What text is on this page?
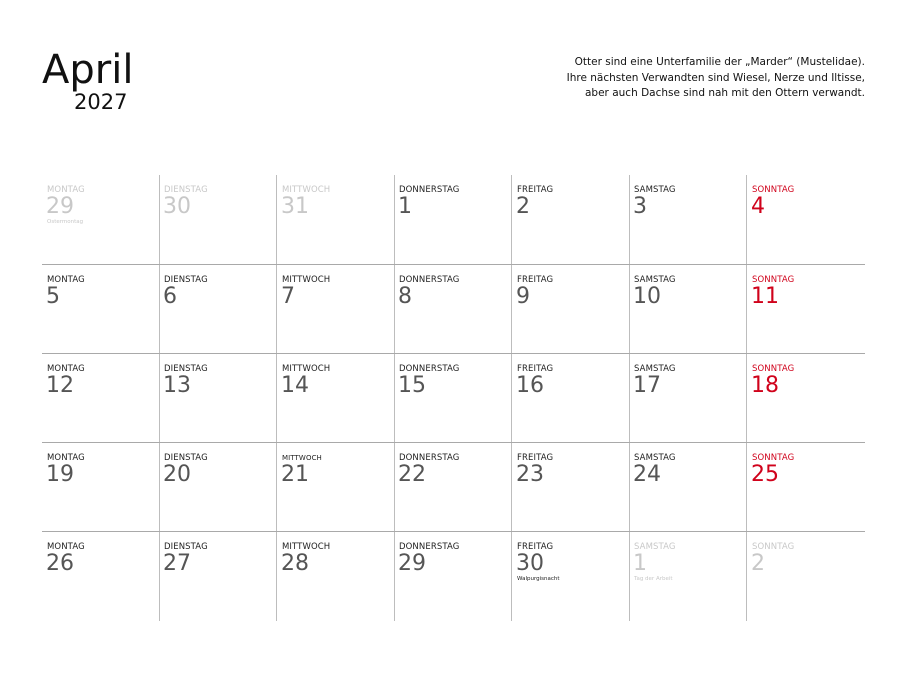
April
2027
Otter sind eine Unterfamilie der „Marder“ (Mustelidae).
Ihre nächsten Verwandten sind Wiesel, Nerze und Iltisse,
aber auch Dachse sind nah mit den Ottern verwandt.
MONTAG
29
Ostermontag
DIENSTAG
30
MITTWOCH
31
DONNERSTAG
1
FREITAG
2
SAMSTAG
3
SONNTAG
4
MONTAG
5
DIENSTAG
6
MITTWOCH
7
DONNERSTAG
8
FREITAG
9
SAMSTAG
10
SONNTAG
11
MONTAG
12
DIENSTAG
13
MITTWOCH
14
DONNERSTAG
15
FREITAG
16
SAMSTAG
17
SONNTAG
18
MONTAG
19
DIENSTAG
20
MITTWOCH
21
DONNERSTAG
22
FREITAG
23
SAMSTAG
24
SONNTAG
25
MONTAG
26
DIENSTAG
27
MITTWOCH
28
DONNERSTAG
29
FREITAG
30
Walpurgisnacht
SAMSTAG
1
Tag der Arbeit
SONNTAG
2
